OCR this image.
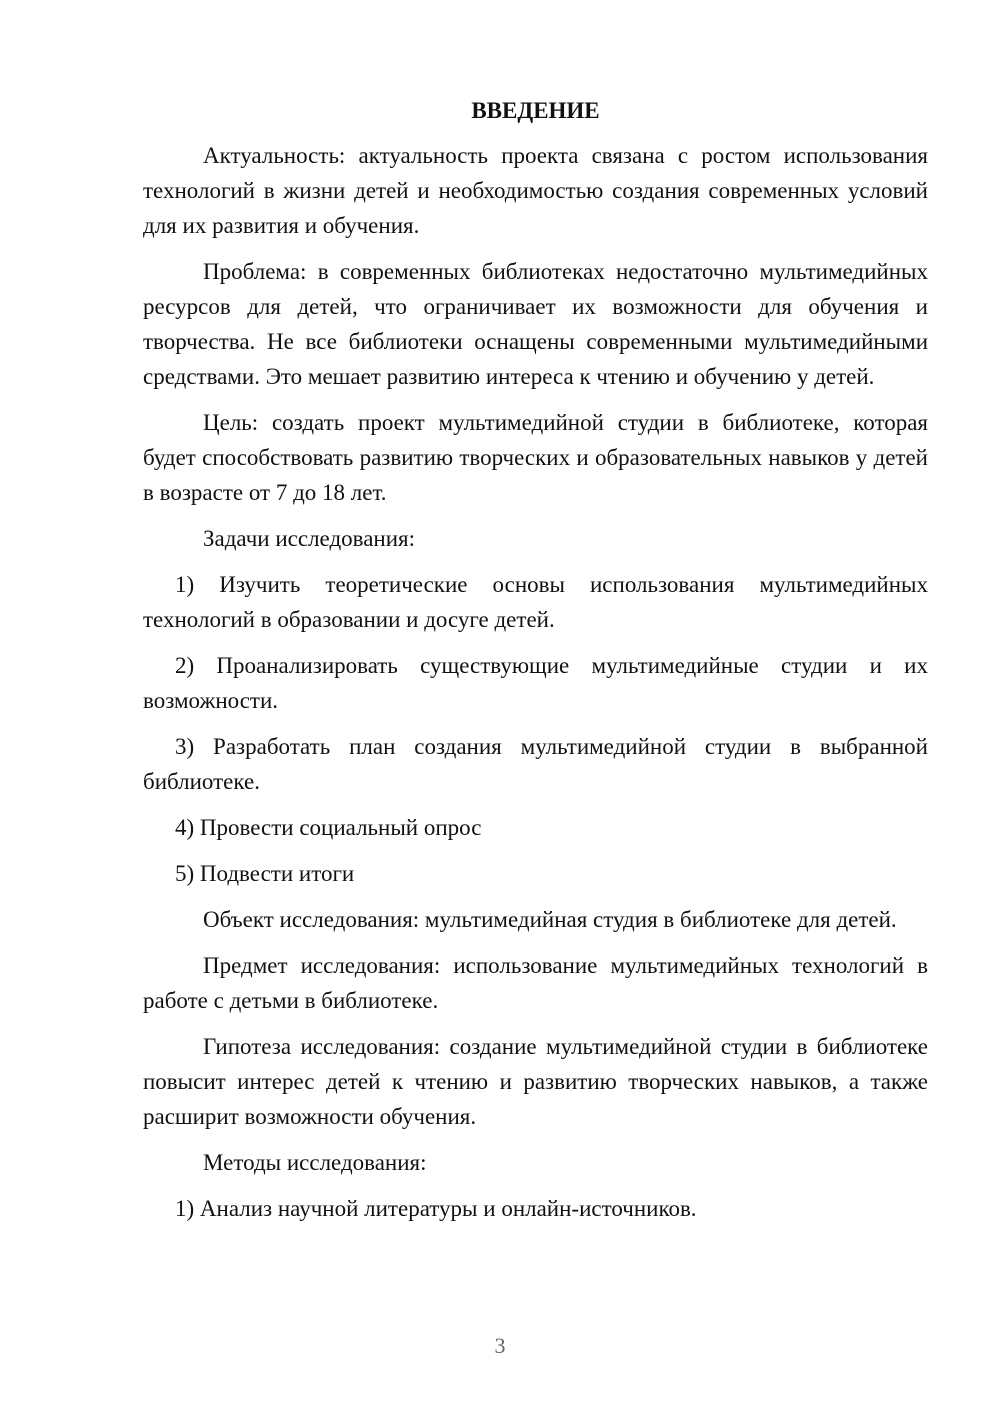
ВВЕДЕНИЕ

Актуальность: актуальность проекта связана с ростом использования технологий в жизни детей и необходимостью создания современных условий для их развития и обучения.

Проблема: в современных библиотеках недостаточно мультимедийных ресурсов для детей, что ограничивает их возможности для обучения и творчества. Не все библиотеки оснащены современными мультимедийными средствами. Это мешает развитию интереса к чтению и обучению у детей.

Цель: создать проект мультимедийной студии в библиотеке, которая будет способствовать развитию творческих и образовательных навыков у детей в возрасте от 7 до 18 лет.

Задачи исследования:

1) Изучить теоретические основы использования мультимедийных технологий в образовании и досуге детей.

2) Проанализировать существующие мультимедийные студии и их возможности.

3) Разработать план создания мультимедийной студии в выбранной библиотеке.

4) Провести социальный опрос

5) Подвести итоги

Объект исследования: мультимедийная студия в библиотеке для детей.

Предмет исследования: использование мультимедийных технологий в работе с детьми в библиотеке.

Гипотеза исследования: создание мультимедийной студии в библиотеке повысит интерес детей к чтению и развитию творческих навыков, а также расширит возможности обучения.

Методы исследования:

1) Анализ научной литературы и онлайн-источников.

3
